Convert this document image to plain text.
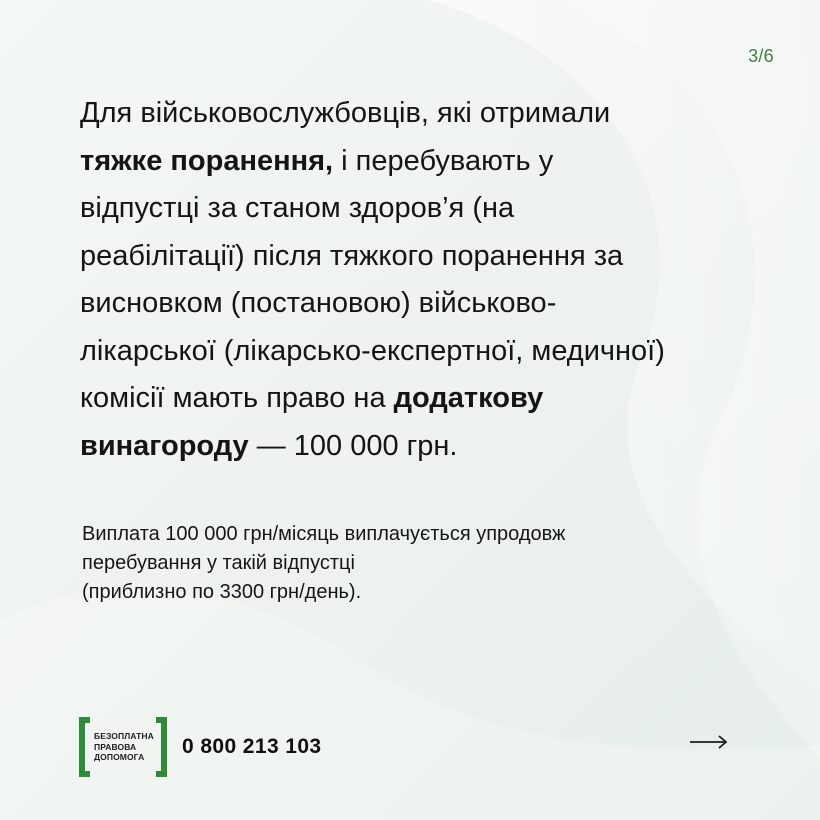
3/6
Для військовослужбовців, які отримали
тяжке поранення, і перебувають у
відпустці за станом здоров’я (на
реабілітації) після тяжкого поранення за
висновком (постановою) військово-
лікарської (лікарсько-експертної, медичної)
комісії мають право на додаткову
винагороду — 100 000 грн.
Виплата 100 000 грн/місяць виплачується упродовж
перебування у такій відпустці
(приблизно по 3300 грн/день).
БЕЗОПЛАТНА
ПРАВОВА
ДОПОМОГА	0 800 213 103
